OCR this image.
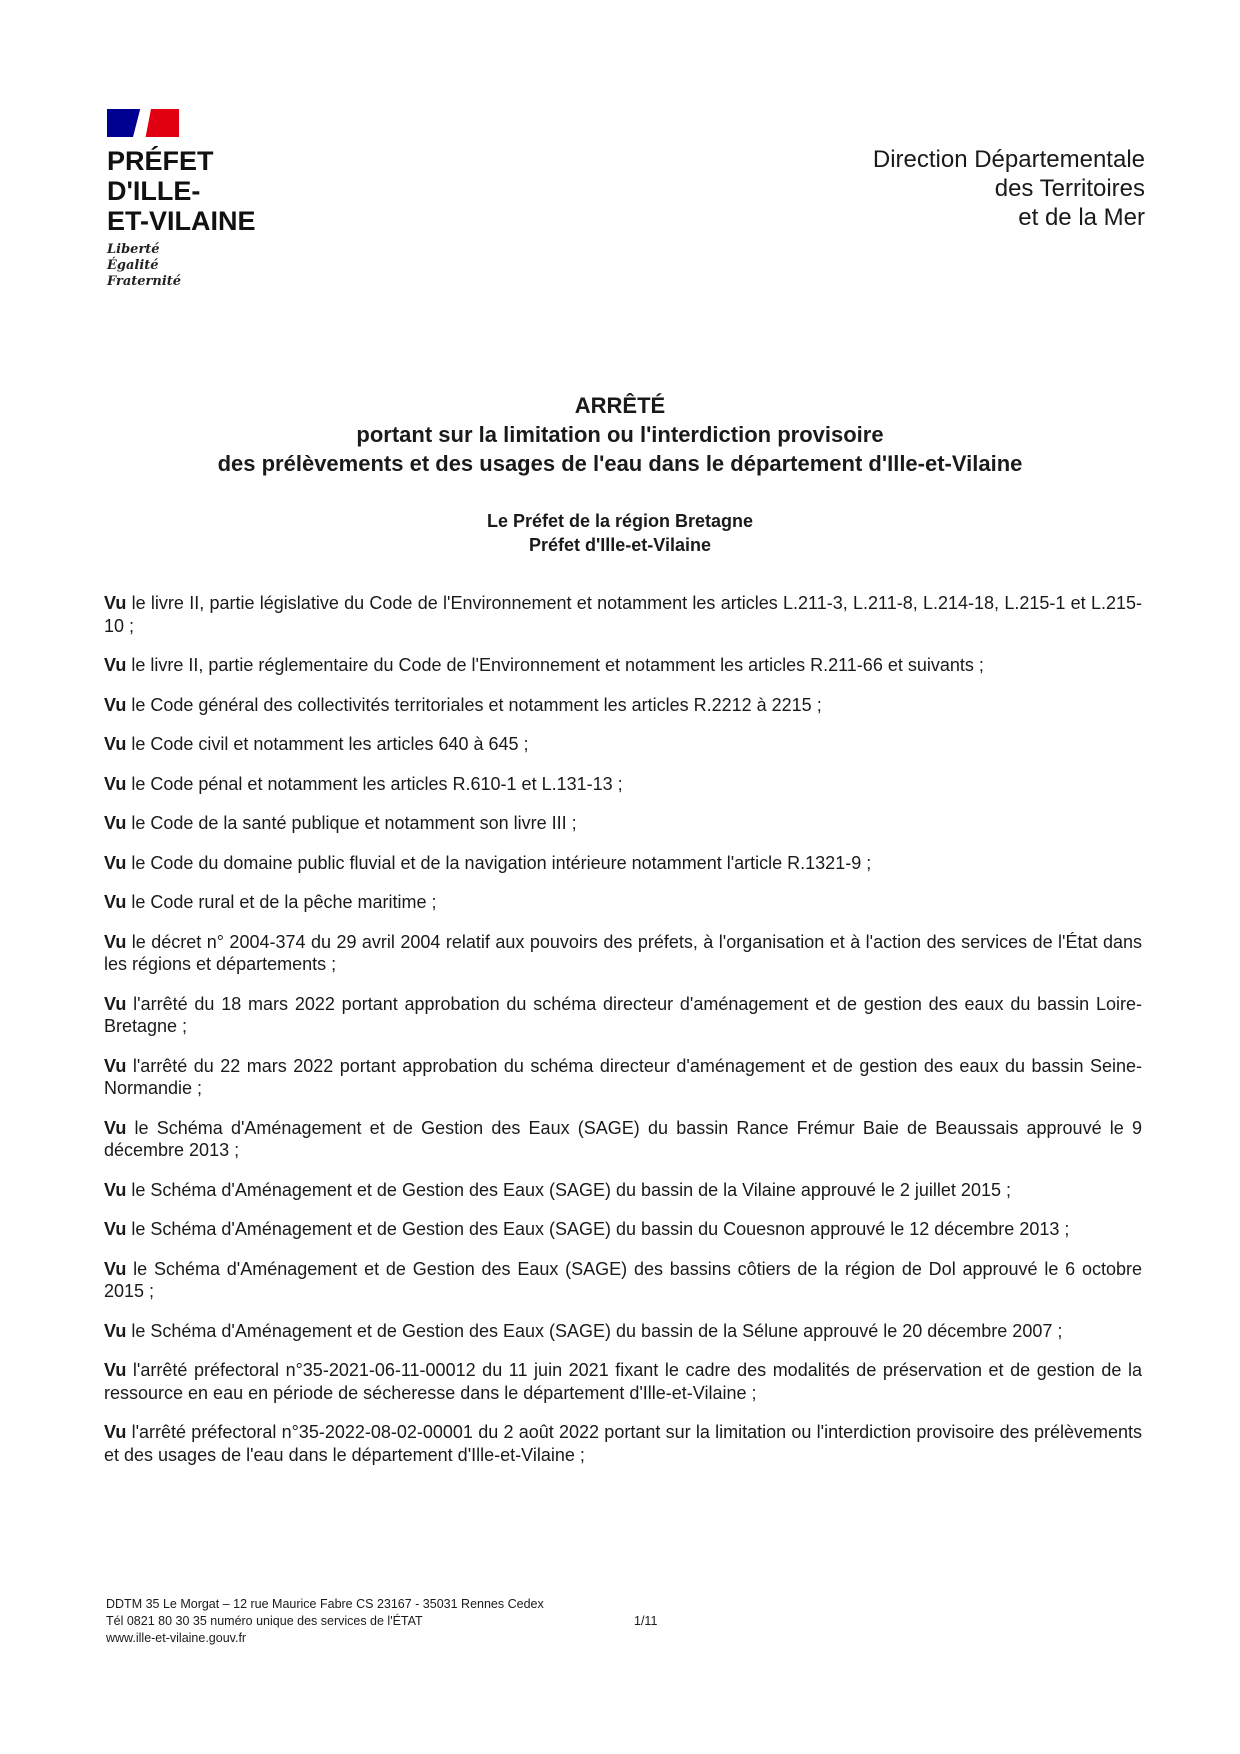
PRÉFET
D'ILLE-
ET-VILAINE
Liberté
Égalité
Fraternité
Direction Départementale
des Territoires
et de la Mer
ARRÊTÉ
portant sur la limitation ou l'interdiction provisoire
des prélèvements et des usages de l'eau dans le département d'Ille-et-Vilaine
Le Préfet de la région Bretagne
Préfet d'Ille-et-Vilaine

Vu le livre II, partie législative du Code de l'Environnement et notamment les articles L.211-3, L.211-8, L.214-18, L.215-1 et L.215-10 ;

Vu le livre II, partie réglementaire du Code de l'Environnement et notamment les articles R.211-66 et suivants ;

Vu le Code général des collectivités territoriales et notamment les articles R.2212 à 2215 ;

Vu le Code civil et notamment les articles 640 à 645 ;

Vu le Code pénal et notamment les articles R.610-1 et L.131-13 ;

Vu le Code de la santé publique et notamment son livre III ;

Vu le Code du domaine public fluvial et de la navigation intérieure notamment l'article R.1321-9 ;

Vu le Code rural et de la pêche maritime ;

Vu le décret n° 2004-374 du 29 avril 2004 relatif aux pouvoirs des préfets, à l'organisation et à l'action des services de l'État dans les régions et départements ;

Vu l'arrêté du 18 mars 2022 portant approbation du schéma directeur d'aménagement et de gestion des eaux du bassin Loire-Bretagne ;

Vu l'arrêté du 22 mars 2022 portant approbation du schéma directeur d'aménagement et de gestion des eaux du bassin Seine-Normandie ;

Vu le Schéma d'Aménagement et de Gestion des Eaux (SAGE) du bassin Rance Frémur Baie de Beaussais approuvé le 9 décembre 2013 ;

Vu le Schéma d'Aménagement et de Gestion des Eaux (SAGE) du bassin de la Vilaine approuvé le 2 juillet 2015 ;

Vu le Schéma d'Aménagement et de Gestion des Eaux (SAGE) du bassin du Couesnon approuvé le 12 décembre 2013 ;

Vu le Schéma d'Aménagement et de Gestion des Eaux (SAGE) des bassins côtiers de la région de Dol approuvé le 6 octobre 2015 ;

Vu le Schéma d'Aménagement et de Gestion des Eaux (SAGE) du bassin de la Sélune approuvé le 20 décembre 2007 ;

Vu l'arrêté préfectoral n°35-2021-06-11-00012 du 11 juin 2021 fixant le cadre des modalités de préservation et de gestion de la ressource en eau en période de sécheresse dans le département d'Ille-et-Vilaine ;

Vu l'arrêté préfectoral n°35-2022-08-02-00001 du 2 août 2022 portant sur la limitation ou l'interdiction provisoire des prélèvements et des usages de l'eau dans le département d'Ille-et-Vilaine ;

DDTM 35 Le Morgat – 12 rue Maurice Fabre CS 23167 - 35031 Rennes Cedex
Tél 0821 80 30 35 numéro unique des services de l'ÉTAT
www.ille-et-vilaine.gouv.fr
1/11
